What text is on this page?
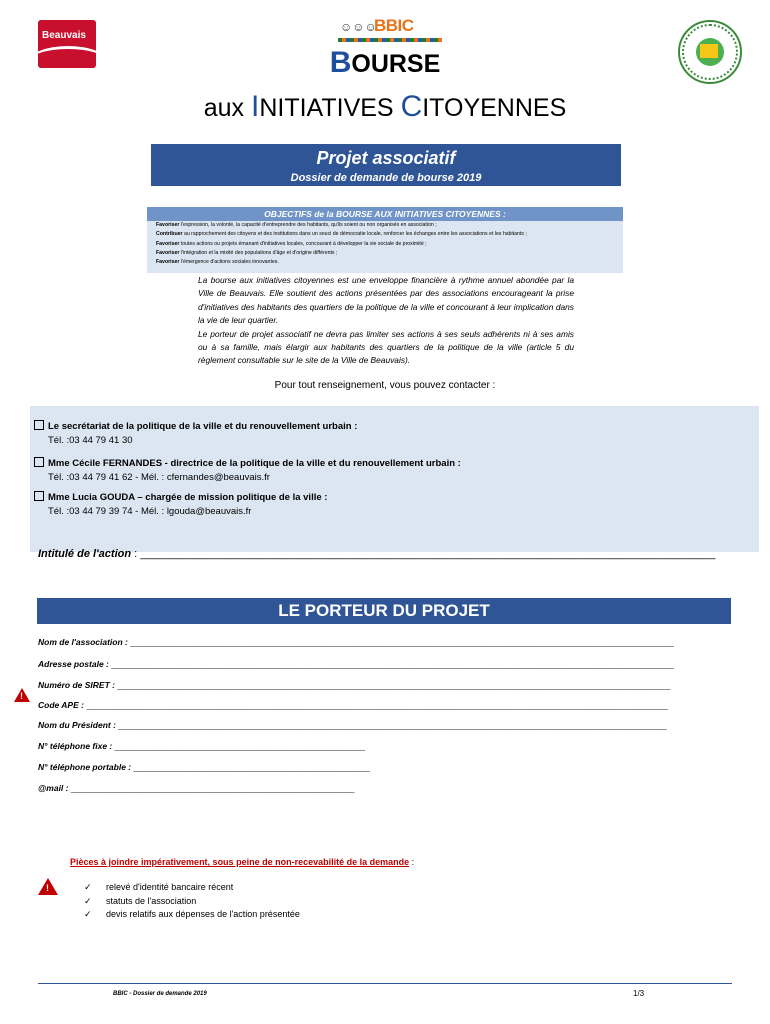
Beauvais
☺☺☺
BBIC
BOURSE
aux INITIATIVES CITOYENNES
Projet associatif
Dossier de demande de bourse 2019
OBJECTIFS de la BOURSE AUX INITIATIVES CITOYENNES :
Favoriser l'expression, la volonté, la capacité d'entreprendre des habitants, qu'ils soient ou non organisés en association ;
Contribuer au rapprochement des citoyens et des institutions dans un souci de démocratie locale, renforcer les échanges entre les associations et les habitants ;
Favoriser toutes actions ou projets émanant d'initiatives locales, concourant à développer la vie sociale de proximité ;
Favoriser l'intégration et la mixité des populations d'âge et d'origine différents ;
Favoriser l'émergence d'actions sociales innovantes.

La bourse aux initiatives citoyennes est une enveloppe financière à rythme annuel abondée par la Ville de Beauvais. Elle soutient des actions présentées par des associations encourageant la prise d'initiatives des habitants des quartiers de la politique de la ville et concourant à leur implication dans la vie de leur quartier.

Le porteur de projet associatif ne devra pas limiter ses actions à ses seuls adhérents ni à ses amis ou à sa famille, mais élargir aux habitants des quartiers de la politique de la ville (article 5 du règlement consultable sur le site de la Ville de Beauvais).

Pour tout renseignement, vous pouvez contacter :
Le secrétariat de la politique de la ville et du renouvellement urbain :
Tél. :03 44 79 41 30
Mme Cécile FERNANDES - directrice de la politique de la ville et du renouvellement urbain :
Tél. :03 44 79 41 62 - Mél. : cfernandes@beauvais.fr
Mme Lucia GOUDA – chargée de mission politique de la ville :
Tél. :03 44 79 39 74 - Mél. : lgouda@beauvais.fr
Intitulé de l'action : ______________________________________________________________________________________________
LE PORTEUR DU PROJET
Nom de l'association : ___________________________________________________________________________________________________________________
Adresse postale : _______________________________________________________________________________________________________________________
Numéro de SIRET : _____________________________________________________________________________________________________________________
Code APE : ___________________________________________________________________________________________________________________________
Nom du Président : ____________________________________________________________________________________________________________________
N° téléphone fixe : _____________________________________________________
N° téléphone portable : __________________________________________________
@mail : ____________________________________________________________
!
Pièces à joindre impérativement, sous peine de non-recevabilité de la demande :
!	✓ relevé d'identité bancaire récent
✓ statuts de l'association
✓ devis relatifs aux dépenses de l'action présentée
BBIC - Dossier de demande 2019	1/3
